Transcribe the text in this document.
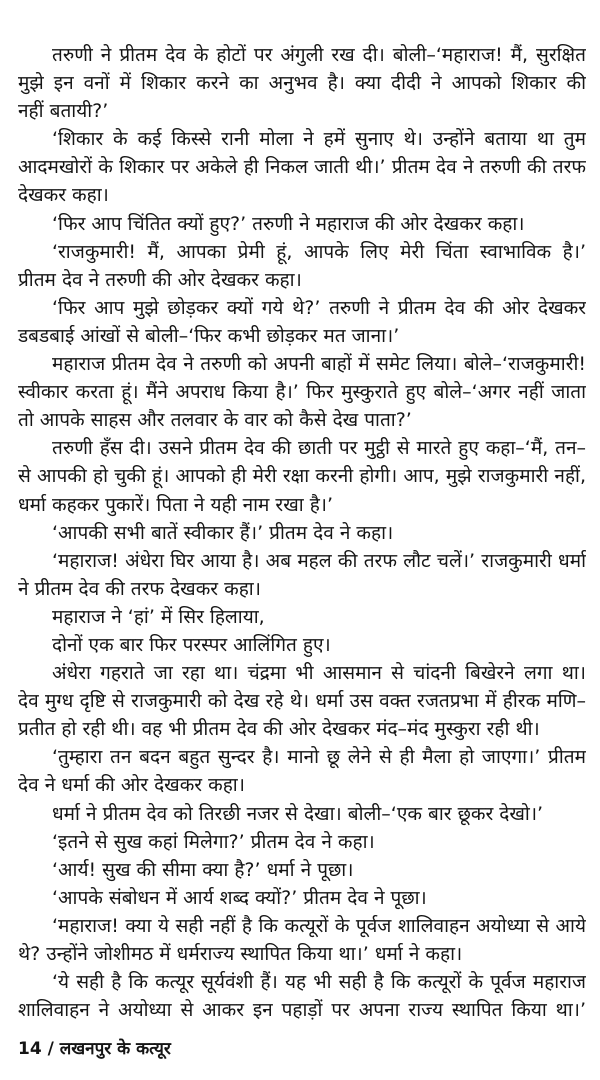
तरुणी ने प्रीतम देव के होटों पर अंगुली रख दी। बोली–‘महाराज! मैं, सुरक्षित
मुझे इन वनों में शिकार करने का अनुभव है। क्या दीदी ने आपको शिकार की
नहीं बतायी?’
‘शिकार के कई किस्से रानी मोला ने हमें सुनाए थे। उन्होंने बताया था तुम
आदमखोरों के शिकार पर अकेले ही निकल जाती थी।’ प्रीतम देव ने तरुणी की तरफ
देखकर कहा।
‘फिर आप चिंतित क्यों हुए?’ तरुणी ने महाराज की ओर देखकर कहा।
‘राजकुमारी! मैं, आपका प्रेमी हूं, आपके लिए मेरी चिंता स्वाभाविक है।’
प्रीतम देव ने तरुणी की ओर देखकर कहा।
‘फिर आप मुझे छोड़कर क्यों गये थे?’ तरुणी ने प्रीतम देव की ओर देखकर
डबडबाई आंखों से बोली–‘फिर कभी छोड़कर मत जाना।’
महाराज प्रीतम देव ने तरुणी को अपनी बाहों में समेट लिया। बोले–‘राजकुमारी!
स्वीकार करता हूं। मैंने अपराध किया है।’ फिर मुस्कुराते हुए बोले–‘अगर नहीं जाता
तो आपके साहस और तलवार के वार को कैसे देख पाता?’
तरुणी हँस दी। उसने प्रीतम देव की छाती पर मुट्ठी से मारते हुए कहा–‘मैं, तन–
से आपकी हो चुकी हूं। आपको ही मेरी रक्षा करनी होगी। आप, मुझे राजकुमारी नहीं,
धर्मा कहकर पुकारें। पिता ने यही नाम रखा है।’
‘आपकी सभी बातें स्वीकार हैं।’ प्रीतम देव ने कहा।
‘महाराज! अंधेरा घिर आया है। अब महल की तरफ लौट चलें।’ राजकुमारी धर्मा
ने प्रीतम देव की तरफ देखकर कहा।
महाराज ने ‘हां’ में सिर हिलाया,
दोनों एक बार फिर परस्पर आलिंगित हुए।
अंधेरा गहराते जा रहा था। चंद्रमा भी आसमान से चांदनी बिखेरने लगा था।
देव मुग्ध दृष्टि से राजकुमारी को देख रहे थे। धर्मा उस वक्त रजतप्रभा में हीरक मणि–
प्रतीत हो रही थी। वह भी प्रीतम देव की ओर देखकर मंद–मंद मुस्कुरा रही थी।
‘तुम्हारा तन बदन बहुत सुन्दर है। मानो छू लेने से ही मैला हो जाएगा।’ प्रीतम
देव ने धर्मा की ओर देखकर कहा।
धर्मा ने प्रीतम देव को तिरछी नजर से देखा। बोली–‘एक बार छूकर देखो।’
‘इतने से सुख कहां मिलेगा?’ प्रीतम देव ने कहा।
‘आर्य! सुख की सीमा क्या है?’ धर्मा ने पूछा।
‘आपके संबोधन में आर्य शब्द क्यों?’ प्रीतम देव ने पूछा।
‘महाराज! क्या ये सही नहीं है कि कत्यूरों के पूर्वज शालिवाहन अयोध्या से आये
थे? उन्होंने जोशीमठ में धर्मराज्य स्थापित किया था।’ धर्मा ने कहा।
‘ये सही है कि कत्यूर सूर्यवंशी हैं। यह भी सही है कि कत्यूरों के पूर्वज महाराज
शालिवाहन ने अयोध्या से आकर इन पहाड़ों पर अपना राज्य स्थापित किया था।’
14 / लखनपुर के कत्यूर
